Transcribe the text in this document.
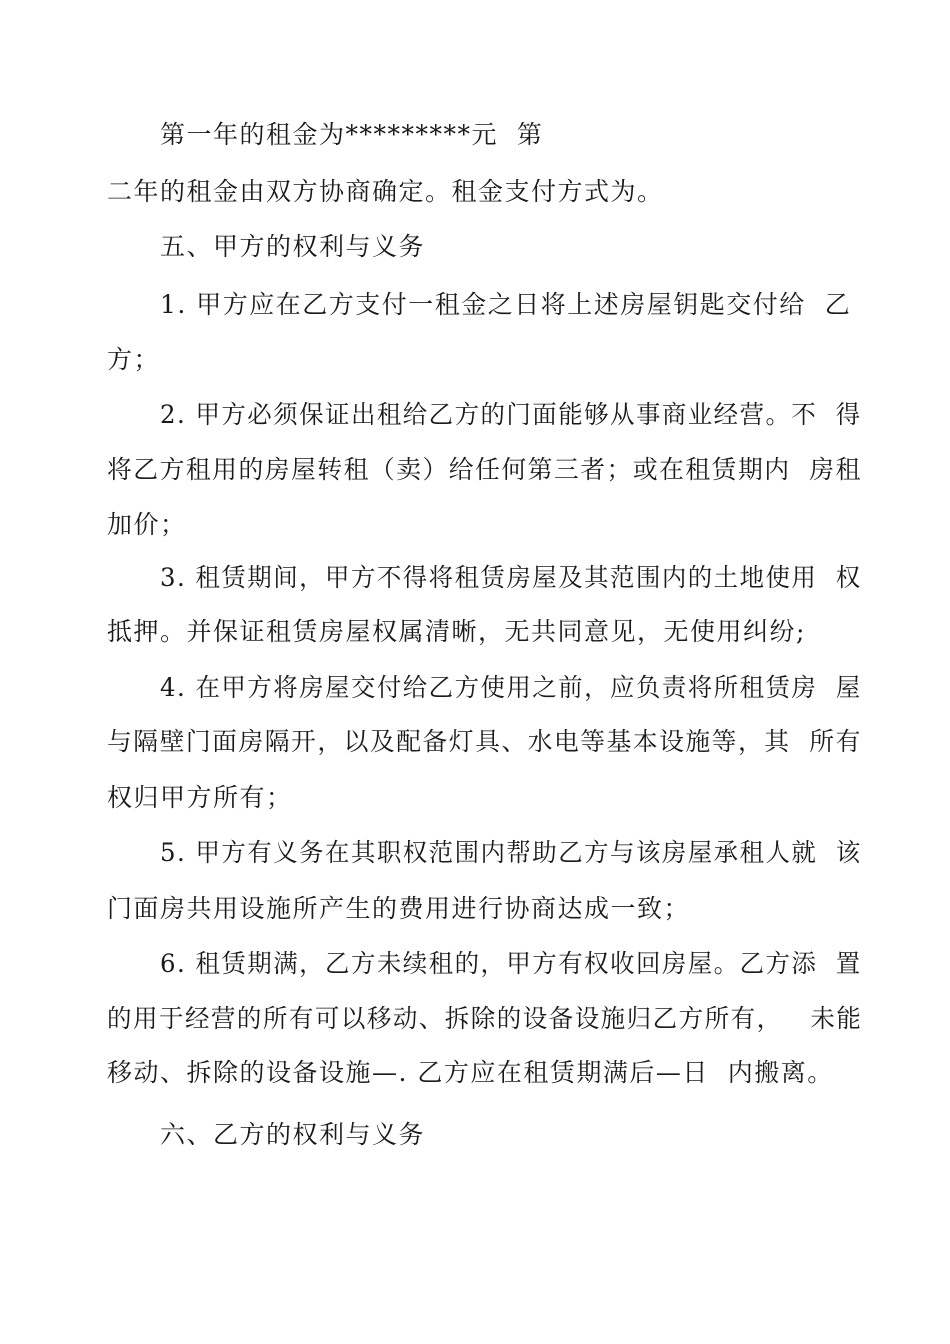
第一年的租金为*********元  第
二年的租金由双方协商确定。租金支付方式为。
五、甲方的权利与义务
1. 甲方应在乙方支付一租金之日将上述房屋钥匙交付给  乙
方；
2. 甲方必须保证出租给乙方的门面能够从事商业经营。不  得
将乙方租用的房屋转租（卖）给任何第三者；或在租赁期内  房租
加价；
3. 租赁期间，甲方不得将租赁房屋及其范围内的土地使用  权
抵押。并保证租赁房屋权属清晰，无共同意见，无使用纠纷;
4. 在甲方将房屋交付给乙方使用之前，应负责将所租赁房  屋
与隔壁门面房隔开，以及配备灯具、水电等基本设施等，其  所有
权归甲方所有；
5. 甲方有义务在其职权范围内帮助乙方与该房屋承租人就  该
门面房共用设施所产生的费用进行协商达成一致；
6. 租赁期满，乙方未续租的，甲方有权收回房屋。乙方添  置
的用于经营的所有可以移动、拆除的设备设施归乙方所有，   未能
移动、拆除的设备设施—. 乙方应在租赁期满后—日  内搬离。
六、乙方的权利与义务
